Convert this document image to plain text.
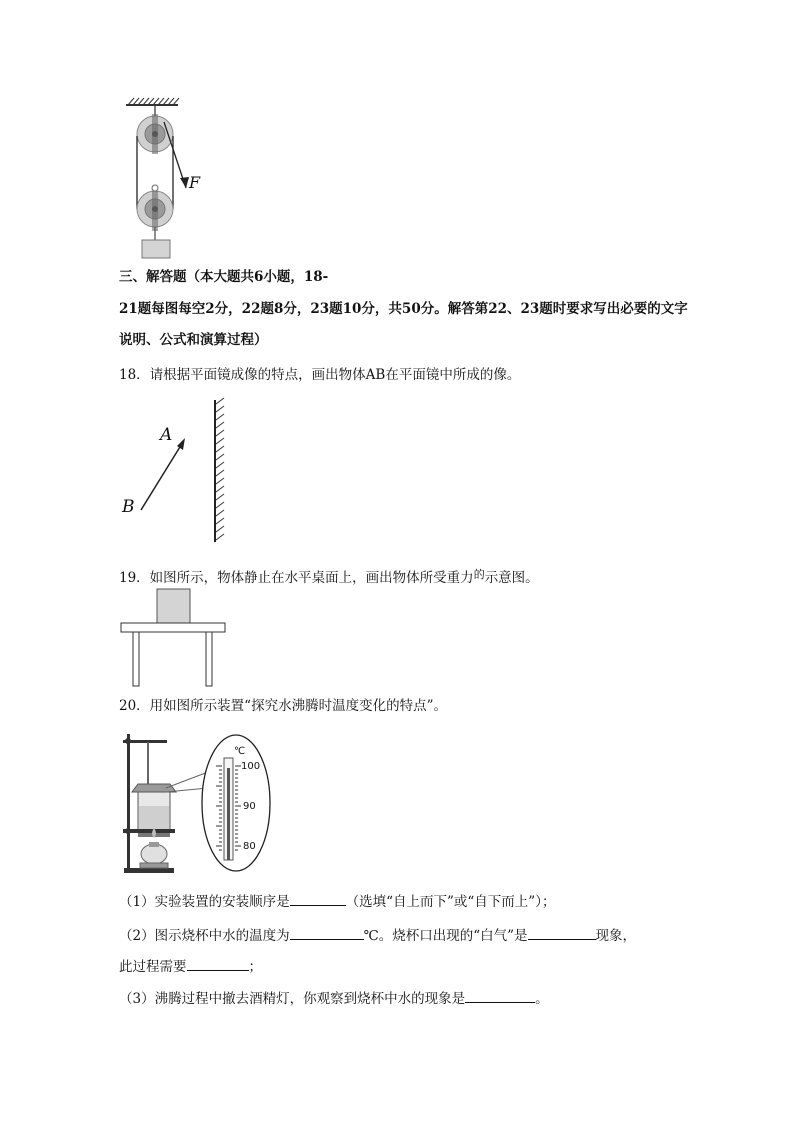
F
三、解答题（本大题共6小题，18-
21题每图每空2分，22题8分，23题10分，共50分。解答第22、23题时要求写出必要的文字
说明、公式和演算过程）
18．请根据平面镜成像的特点，画出物体AB在平面镜中所成的像。
A
B
19．如图所示，物体静止在水平桌面上，画出物体所受重力$^的$示意图。
20．用如图所示装置“探究水沸腾时温度变化的特点”。
℃
100
90
80
（1）实验装置的安装顺序是	（选填“自上而下”或“自下而上”）；
（2）图示烧杯中水的温度为	℃。烧杯口出现的“白气”是	现象，
此过程需要	；
（3）沸腾过程中撤去酒精灯，你观察到烧杯中水的现象是	。
